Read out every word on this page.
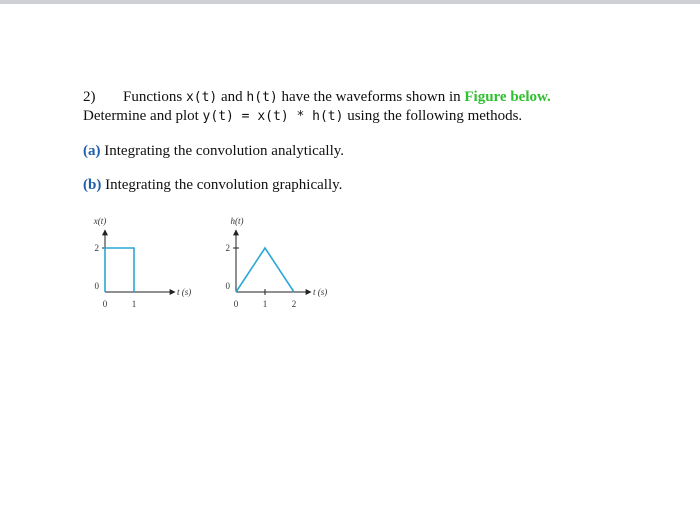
2) Functions x(t) and h(t) have the waveforms shown in Figure below.
Determine and plot y(t) = x(t) * h(t) using the following methods.
(a) Integrating the convolution analytically.
(b) Integrating the convolution graphically.
x(t)
2
0
0	1
t (s)
h(t)
2
0
0	1	2
t (s)
